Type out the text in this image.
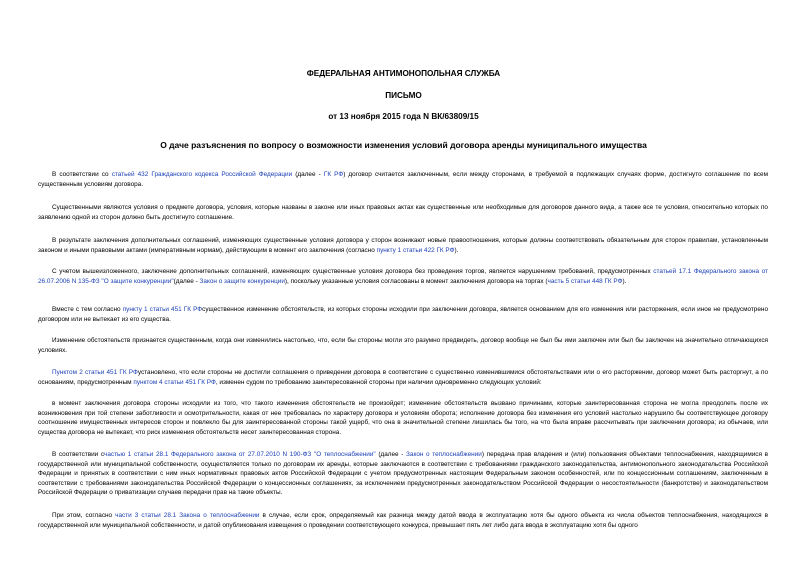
ФЕДЕРАЛЬНАЯ АНТИМОНОПОЛЬНАЯ СЛУЖБА
ПИСЬМО
от 13 ноября 2015 года N ВК/63809/15
О даче разъяснения по вопросу о возможности изменения условий договора аренды муниципального имущества

В соответствии со статьей 432 Гражданского кодекса Российской Федерации (далее - ГК РФ) договор считается заключенным, если между сторонами, в требуемой в подлежащих случаях форме, достигнуто соглашение по всем существенным условиям договора.

Существенными являются условия о предмете договора, условия, которые названы в законе или иных правовых актах как существенные или необходимые для договоров данного вида, а также все те условия, относительно которых по заявлению одной из сторон должно быть достигнуто соглашение.

В результате заключения дополнительных соглашений, изменяющих существенные условия договора у сторон возникают новые правоотношения, которые должны соответствовать обязательным для сторон правилам, установленным законом и иными правовыми актами (императивным нормам), действующим в момент его заключения (согласно пункту 1 статьи 422 ГК РФ).

С учетом вышеизложенного, заключение дополнительных соглашений, изменяющих существенные условия договора без проведения торгов, является нарушением требований, предусмотренных статьей 17.1 Федерального закона от 26.07.2006 N 135-ФЗ "О защите конкуренции"(далее - Закон о защите конкуренции), поскольку указанные условия согласованы в момент заключения договора на торгах (часть 5 статьи 448 ГК РФ).

Вместе с тем согласно пункту 1 статьи 451 ГК РФсущественное изменение обстоятельств, из которых стороны исходили при заключении договора, является основанием для его изменения или расторжения, если иное не предусмотрено договором или не вытекает из его существа.

Изменение обстоятельств признается существенным, когда они изменились настолько, что, если бы стороны могли это разумно предвидеть, договор вообще не был бы ими заключен или был бы заключен на значительно отличающихся условиях.

Пунктом 2 статьи 451 ГК РФустановлено, что если стороны не достигли соглашения о приведении договора в соответствие с существенно изменившимися обстоятельствами или о его расторжении, договор может быть расторгнут, а по основаниям, предусмотренным пунктом 4 статьи 451 ГК РФ, изменен судом по требованию заинтересованной стороны при наличии одновременно следующих условий:

в момент заключения договора стороны исходили из того, что такого изменения обстоятельств не произойдет; изменение обстоятельств вызвано причинами, которые заинтересованная сторона не могла преодолеть после их возникновения при той степени заботливости и осмотрительности, какая от нее требовалась по характеру договора и условиям оборота; исполнение договора без изменения его условий настолько нарушило бы соответствующее договору соотношение имущественных интересов сторон и повлекло бы для заинтересованной стороны такой ущерб, что она в значительной степени лишилась бы того, на что была вправе рассчитывать при заключении договора; из обычаев, или существа договора не вытекает, что риск изменения обстоятельств несет заинтересованная сторона.

В соответствии счастью 1 статьи 28.1 Федерального закона от 27.07.2010 N 190-ФЗ "О теплоснабжении" (далее - Закон о теплоснабжении) передача прав владения и (или) пользования объектами теплоснабжения, находящимися в государственной или муниципальной собственности, осуществляется только по договорам их аренды, которые заключаются в соответствии с требованиями гражданского законодательства, антимонопольного законодательства Российской Федерации и принятых в соответствии с ним иных нормативных правовых актов Российской Федерации с учетом предусмотренных настоящим Федеральным законом особенностей, или по концессионным соглашениям, заключенным в соответствии с требованиями законодательства Российской Федерации о концессионных соглашениях, за исключением предусмотренных законодательством Российской Федерации о несостоятельности (банкротстве) и законодательством Российской Федерации о приватизации случаев передачи прав на такие объекты.

При этом, согласно части 3 статьи 28.1 Закона о теплоснабжении в случае, если срок, определяемый как разница между датой ввода в эксплуатацию хотя бы одного объекта из числа объектов теплоснабжения, находящихся в государственной или муниципальной собственности, и датой опубликования извещения о проведении соответствующего конкурса, превышает пять лет либо дата ввода в эксплуатацию хотя бы одного
